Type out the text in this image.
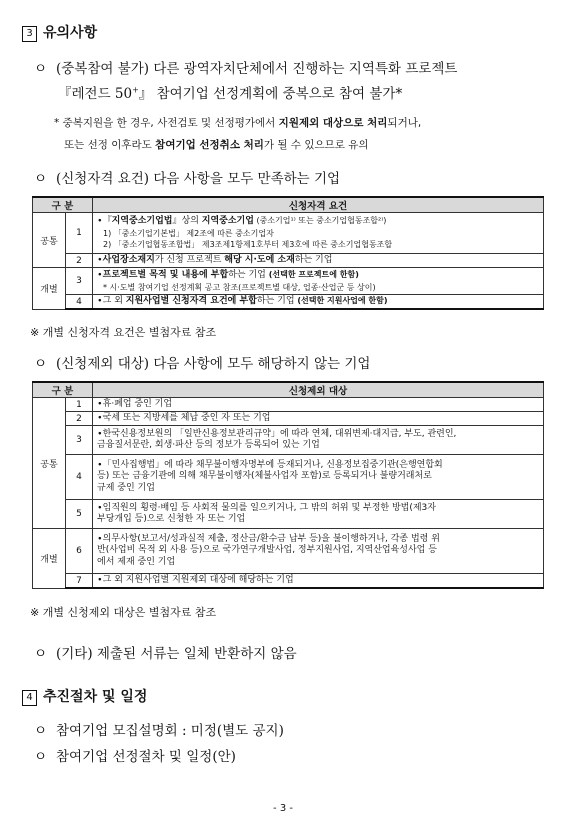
3 유의사항
ㅇ (중복참여 불가) 다른 광역자치단체에서 진행하는 지역특화 프로젝트
『레전드 50+』 참여기업 선정계획에 중복으로 참여 불가*
* 중복지원을 한 경우, 사전검토 및 선정평가에서 지원제외 대상으로 처리되거나,
또는 선정 이후라도 참여기업 선정취소 처리가 될 수 있으므로 유의
ㅇ (신청자격 요건) 다음 사항을 모두 만족하는 기업
구 분		신청자격 요건
공통	1	∙『지역중소기업법』상의 지역중소기업 (중소기업¹⁾ 또는 중소기업협동조합²⁾)
1) 「중소기업기본법」 제2조에 따른 중소기업자
2) 「중소기업협동조합법」 제3조제1항제1호부터 제3호에 따른 중소기업협동조합

	2	∙사업장소재지가 신청 프로젝트 해당 시·도에 소재하는 기업
개별	3	∙프로젝트별 목적 및 내용에 부합하는 기업 (선택한 프로젝트에 한함)
* 시·도별 참여기업 선정계획 공고 참조(프로젝트별 대상, 업종·산업군 등 상이)

	4	∙그 외 지원사업별 신청자격 요건에 부합하는 기업 (선택한 지원사업에 한함)
※ 개별 신청자격 요건은 별첨자료 참조
ㅇ (신청제외 대상) 다음 사항에 모두 해당하지 않는 기업
구 분		신청제외 대상
공통	1	∙휴·폐업 중인 기업
	2	∙국세 또는 지방세를 체납 중인 자 또는 기업
	3	∙한국신용정보원의 「일반신용정보관리규약」에 따라 연체, 대위변제·대지급, 부도, 관련인,
금융질서문란, 회생·파산 등의 정보가 등록되어 있는 기업

	4	∙「민사집행법」에 따라 채무불이행자명부에 등재되거나, 신용정보집중기관(은행연합회
등) 또는 금융기관에 의해 채무불이행자(체불사업자 포함)로 등록되거나 불량거래처로
규제 중인 기업

	5	∙임직원의 횡령·배임 등 사회적 물의를 일으키거나, 그 밖의 허위 및 부정한 방법(제3자
부당개입 등)으로 신청한 자 또는 기업

개별	6	∙의무사항(보고서/성과실적 제출, 정산금/환수금 납부 등)을 불이행하거나, 각종 법령 위
반(사업비 목적 외 사용 등)으로 국가연구개발사업, 정부지원사업, 지역산업육성사업 등
에서 제재 중인 기업

	7	∙그 외 지원사업별 지원제외 대상에 해당하는 기업
※ 개별 신청제외 대상은 별첨자료 참조
ㅇ (기타) 제출된 서류는 일체 반환하지 않음
4 추진절차 및 일정
ㅇ 참여기업 모집설명회 : 미정(별도 공지)
ㅇ 참여기업 선정절차 및 일정(안)
- 3 -
